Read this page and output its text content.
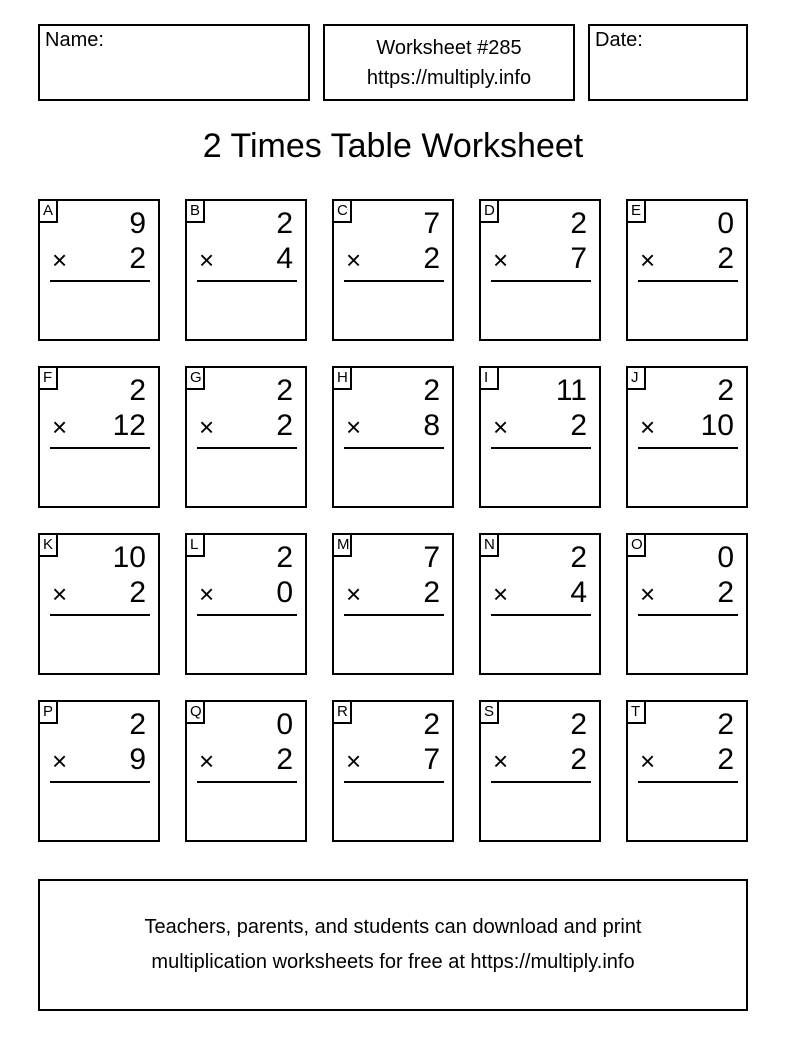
Name:	Worksheet #285
https://multiply.info
Date:
2 Times Table Worksheet
A	9
× 2
B	2
× 4
C	7
× 2
D	2
× 7
E	0
× 2
F	2
× 12
G 2
× 2
H	2
× 8
I	11
× 2
J	2
× 10
K 10
× 2
L	2
× 0
M 7
× 2
N	2
× 4
O 0
× 2
P	2
× 9
Q 0
× 2
R	2
× 7
S	2
× 2
T	2
× 2
Teachers, parents, and students can download and print
multiplication worksheets for free at https://multiply.info
